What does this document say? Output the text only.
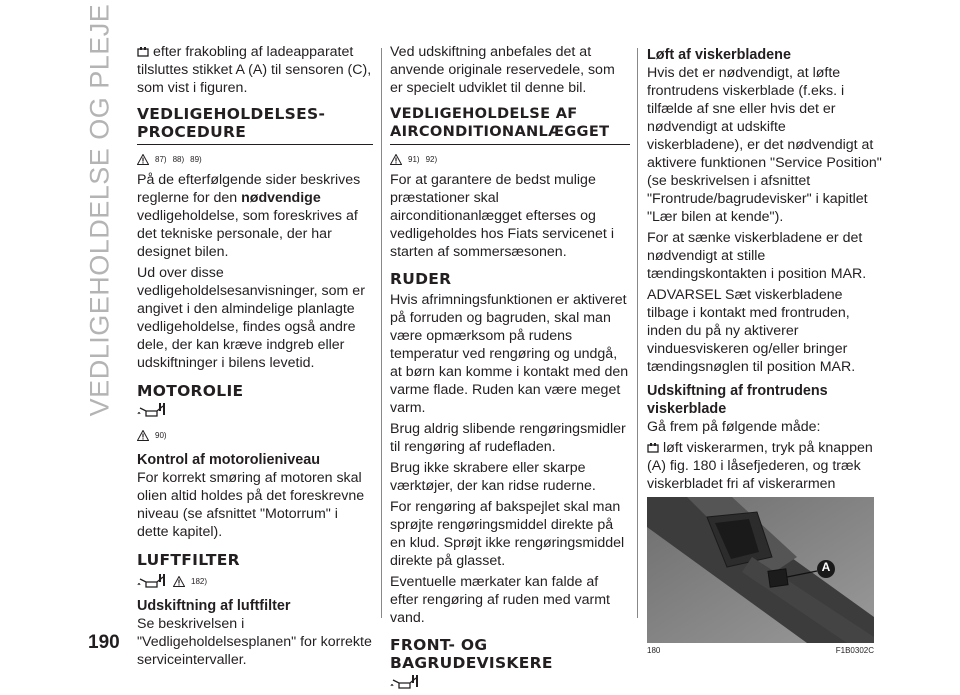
VEDLIGEHOLDELSE OG PLEJE
190

efter frakobling af ladeapparatet tilsluttes stikket A (A) til sensoren (C), som vist i figuren.

VEDLIGEHOLDELSES-PROCEDURE
87) 88) 89)

På de efterfølgende sider beskrives reglerne for den nødvendige vedligeholdelse, som foreskrives af det tekniske personale, der har designet bilen.

Ud over disse vedligeholdelsesanvisninger, som er angivet i den almindelige planlagte vedligeholdelse, findes også andre dele, der kan kræve indgreb eller udskiftninger i bilens levetid.

MOTOROLIE
90)
Kontrol af motorolieniveau

For korrekt smøring af motoren skal olien altid holdes på det foreskrevne niveau (se afsnittet "Motorrum" i dette kapitel).

LUFTFILTER
182)
Udskiftning af luftfilter

Se beskrivelsen i "Vedligeholdelsesplanen" for korrekte serviceintervaller.

Ved udskiftning anbefales det at anvende originale reservedele, som er specielt udviklet til denne bil.

VEDLIGEHOLDELSE AF AIRCONDITIONANLÆGGET
91) 92)

For at garantere de bedst mulige præstationer skal airconditionanlægget efterses og vedligeholdes hos Fiats servicenet i starten af sommersæsonen.

RUDER

Hvis afrimningsfunktionen er aktiveret på forruden og bagruden, skal man være opmærksom på rudens temperatur ved rengøring og undgå, at børn kan komme i kontakt med den varme flade. Ruden kan være meget varm.

Brug aldrig slibende rengøringsmidler til rengøring af rudefladen.

Brug ikke skrabere eller skarpe værktøjer, der kan ridse ruderne.

For rengøring af bakspejlet skal man sprøjte rengøringsmiddel direkte på en klud. Sprøjt ikke rengøringsmiddel direkte på glasset.

Eventuelle mærkater kan falde af efter rengøring af ruden med varmt vand.

FRONT- OG BAGRUDEVISKERE
Løft af viskerbladene

Hvis det er nødvendigt, at løfte frontrudens viskerblade (f.eks. i tilfælde af sne eller hvis det er nødvendigt at udskifte viskerbladene), er det nødvendigt at aktivere funktionen "Service Position" (se beskrivelsen i afsnittet "Frontrude/bagrudevisker" i kapitlet "Lær bilen at kende").

For at sænke viskerbladene er det nødvendigt at stille tændingskontakten i position MAR.

ADVARSEL Sæt viskerbladene tilbage i kontakt med frontruden, inden du på ny aktiverer vinduesviskeren og/eller bringer tændingsnøglen til position MAR.

Udskiftning af frontrudens viskerblade

Gå frem på følgende måde:

løft viskerarmen, tryk på knappen (A) fig. 180 i låsefjederen, og træk viskerbladet fri af viskerarmen

A
180	F1B0302C
